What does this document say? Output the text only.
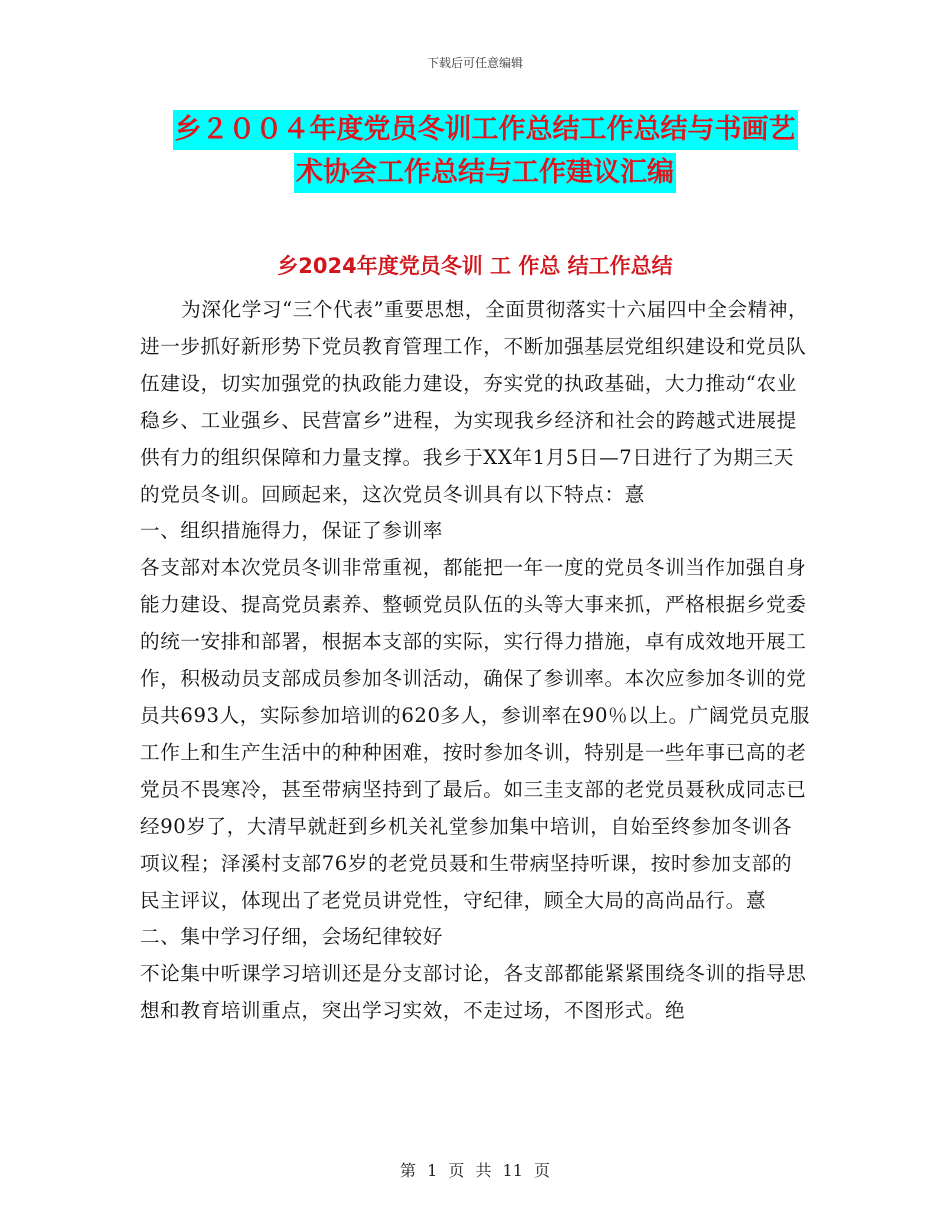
下载后可任意编辑
乡２００４年度党员冬训工作总结工作总结与书画艺
术协会工作总结与工作建议汇编
乡2024年度党员冬训 工 作总 结工作总结

为深化学习“三个代表”重要思想，全面贯彻落实十六届四中全会精神，进一步抓好新形势下党员教育管理工作，不断加强基层党组织建设和党员队伍建设，切实加强党的执政能力建设，夯实党的执政基础，大力推动“农业稳乡、工业强乡、民营富乡”进程，为实现我乡经济和社会的跨越式进展提供有力的组织保障和力量支撑。我乡于XX年1月5日—7日进行了为期三天的党员冬训。回顾起来，这次党员冬训具有以下特点：​憙

一、组织措施得力，保证了参训率

各支部对本次党员冬训非常重视，都能把一年一度的党员冬训当作加强自身能力建设、提高党员素养、整顿党员队伍的头等大事来抓，严格根据乡党委的统一安排和部署，根据本支部的实际，实行得力措施，卓有成效地开展工作，积极动员支部成员参加冬训活动，确保了参训率。本次应参加冬训的党员共693人，实际参加培训的620多人，参训率在90％以上。广阔党员克服工作上和生产生活中的种种困难，按时参加冬训，特别是一些年事已高的老党员不畏寒冷，甚至带病坚持到了最后。如三圭支部的老党员聂秋成同志已经90岁了，大清早就赶到乡机关礼堂参加集中培训，自始至终参加冬训各项议程；泽溪村支部76岁的老党员聂和生带病坚持听课，按时参加支部的民主评议，体现出了老党员讲党性，守纪律，顾全大局的高尚品行。​憙

二、集中学习仔细，会场纪律较好

不论集中听课学习培训还是分支部讨论，各支部都能紧紧围绕冬训的指导思想和教育培训重点，突出学习实效，不走过场，不图形式。绝

第 1 页 共 11 页
